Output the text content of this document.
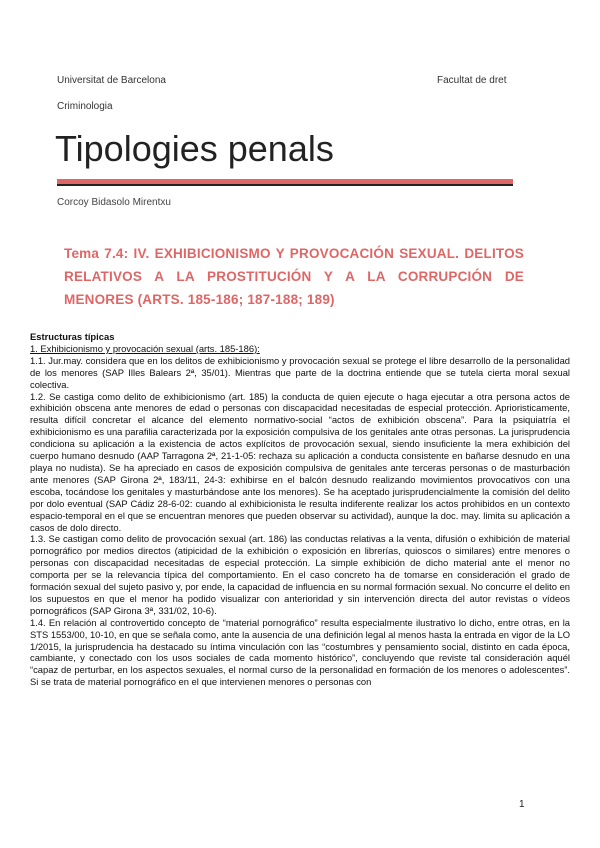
Universitat de Barcelona	Facultat de dret
Criminologia
Tipologies penals
Corcoy Bidasolo Mirentxu
Tema 7.4: IV. EXHIBICIONISMO Y PROVOCACIÓN SEXUAL. DELITOS RELATIVOS A LA PROSTITUCIÓN Y A LA CORRUPCIÓN DE MENORES (ARTS. 185-186; 187-188; 189)

Estructuras típicas

1. Exhibicionismo y provocación sexual (arts. 185-186):

1.1. Jur.may. considera que en los delitos de exhibicionismo y provocación sexual se protege el libre desarrollo de la personalidad de los menores (SAP Illes Balears 2ª, 35/01). Mientras que parte de la doctrina entiende que se tutela cierta moral sexual colectiva.

1.2. Se castiga como delito de exhibicionismo (art. 185) la conducta de quien ejecute o haga ejecutar a otra persona actos de exhibición obscena ante menores de edad o personas con discapacidad necesitadas de especial protección. Aprioristicamente, resulta difícil concretar el alcance del elemento normativo-social “actos de exhibición obscena”. Para la psiquiatría el exhibicionismo es una parafilia caracterizada por la exposición compulsiva de los genitales ante otras personas. La jurisprudencia condiciona su aplicación a la existencia de actos explícitos de provocación sexual, siendo insuficiente la mera exhibición del cuerpo humano desnudo (AAP Tarragona 2ª, 21-1-05: rechaza su aplicación a conducta consistente en bañarse desnudo en una playa no nudista). Se ha apreciado en casos de exposición compulsiva de genitales ante terceras personas o de masturbación ante menores (SAP Girona 2ª, 183/11, 24-3: exhibirse en el balcón desnudo realizando movimientos provocativos con una escoba, tocándose los genitales y masturbándose ante los menores). Se ha aceptado jurisprudencialmente la comisión del delito por dolo eventual (SAP Cádiz 28-6-02: cuando al exhibicionista le resulta indiferente realizar los actos prohibidos en un contexto espacio-temporal en el que se encuentran menores que pueden observar su actividad), aunque la doc. may. limita su aplicación a casos de dolo directo.

1.3. Se castigan como delito de provocación sexual (art. 186) las conductas relativas a la venta, difusión o exhibición de material pornográfico por medios directos (atipicidad de la exhibición o exposición en librerías, quioscos o similares) entre menores o personas con discapacidad necesitadas de especial protección. La simple exhibición de dicho material ante el menor no comporta per se la relevancia típica del comportamiento. En el caso concreto ha de tomarse en consideración el grado de formación sexual del sujeto pasivo y, por ende, la capacidad de influencia en su normal formación sexual. No concurre el delito en los supuestos en que el menor ha podido visualizar con anterioridad y sin intervención directa del autor revistas o vídeos pornográficos (SAP Girona 3ª, 331/02, 10-6).

1.4. En relación al controvertido concepto de “material pornográfico” resulta especialmente ilustrativo lo dicho, entre otras, en la STS 1553/00, 10-10, en que se señala como, ante la ausencia de una definición legal al menos hasta la entrada en vigor de la LO 1/2015, la jurisprudencia ha destacado su íntima vinculación con las “costumbres y pensamiento social, distinto en cada época, cambiante, y conectado con los usos sociales de cada momento histórico”, concluyendo que reviste tal consideración aquél “capaz de perturbar, en los aspectos sexuales, el normal curso de la personalidad en formación de los menores o adolescentes”. Si se trata de material pornográfico en el que intervienen menores o personas con

1
